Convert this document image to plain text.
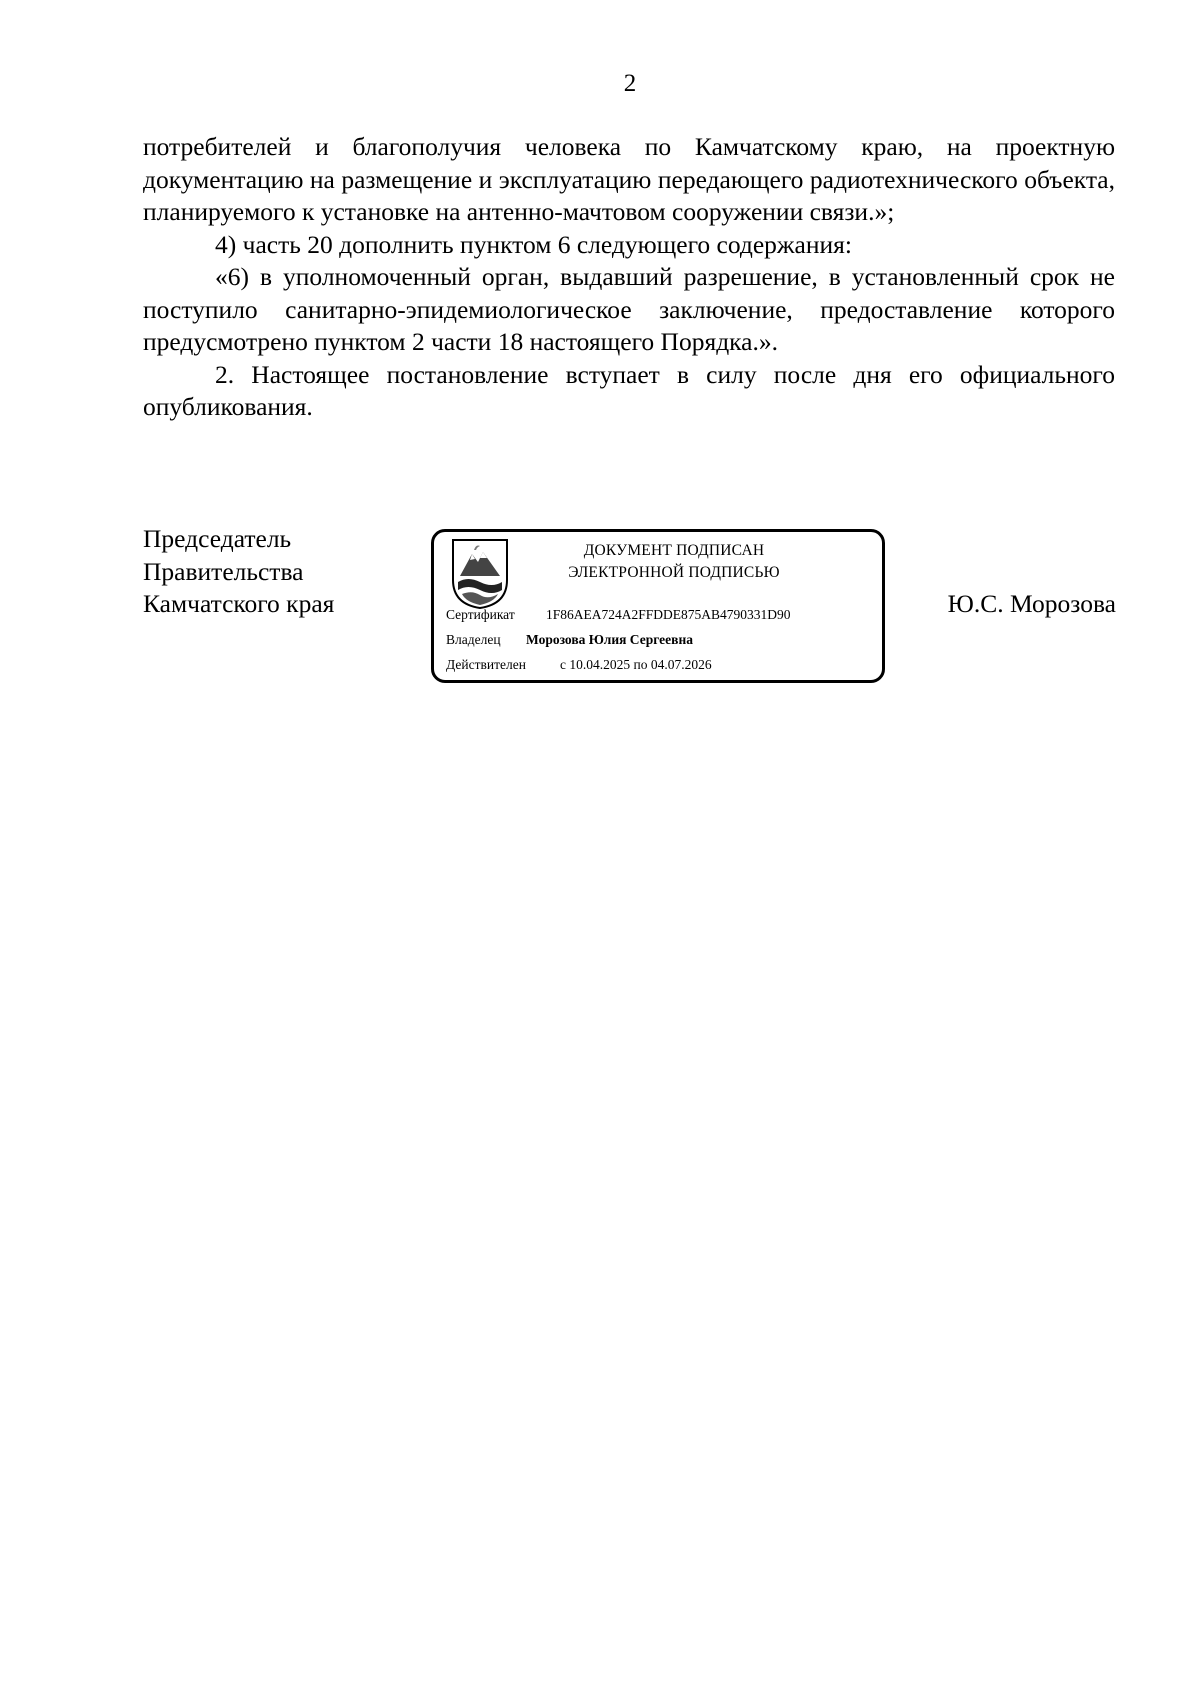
2

потребителей и благополучия человека по Камчатскому краю, на проектную документацию на размещение и эксплуатацию передающего радиотехнического объекта, планируемого к установке на антенно-мачтовом сооружении связи.»;

4) часть 20 дополнить пунктом 6 следующего содержания:

«6) в уполномоченный орган, выдавший разрешение, в установленный срок не поступило санитарно-эпидемиологическое заключение, предоставление которого предусмотрено пунктом 2 части 18 настоящего Порядка.».

2. Настоящее постановление вступает в силу после дня его официального опубликования.

Председатель
Правительства
Камчатского края
ДОКУМЕНТ ПОДПИСАН
ЭЛЕКТРОННОЙ ПОДПИСЬЮ
Сертификат 1F86AEA724A2FFDDE875AB4790331D90
Владелец Морозова Юлия Сергеевна
Действителен	с 10.04.2025 по 04.07.2026
Ю.С. Морозова
